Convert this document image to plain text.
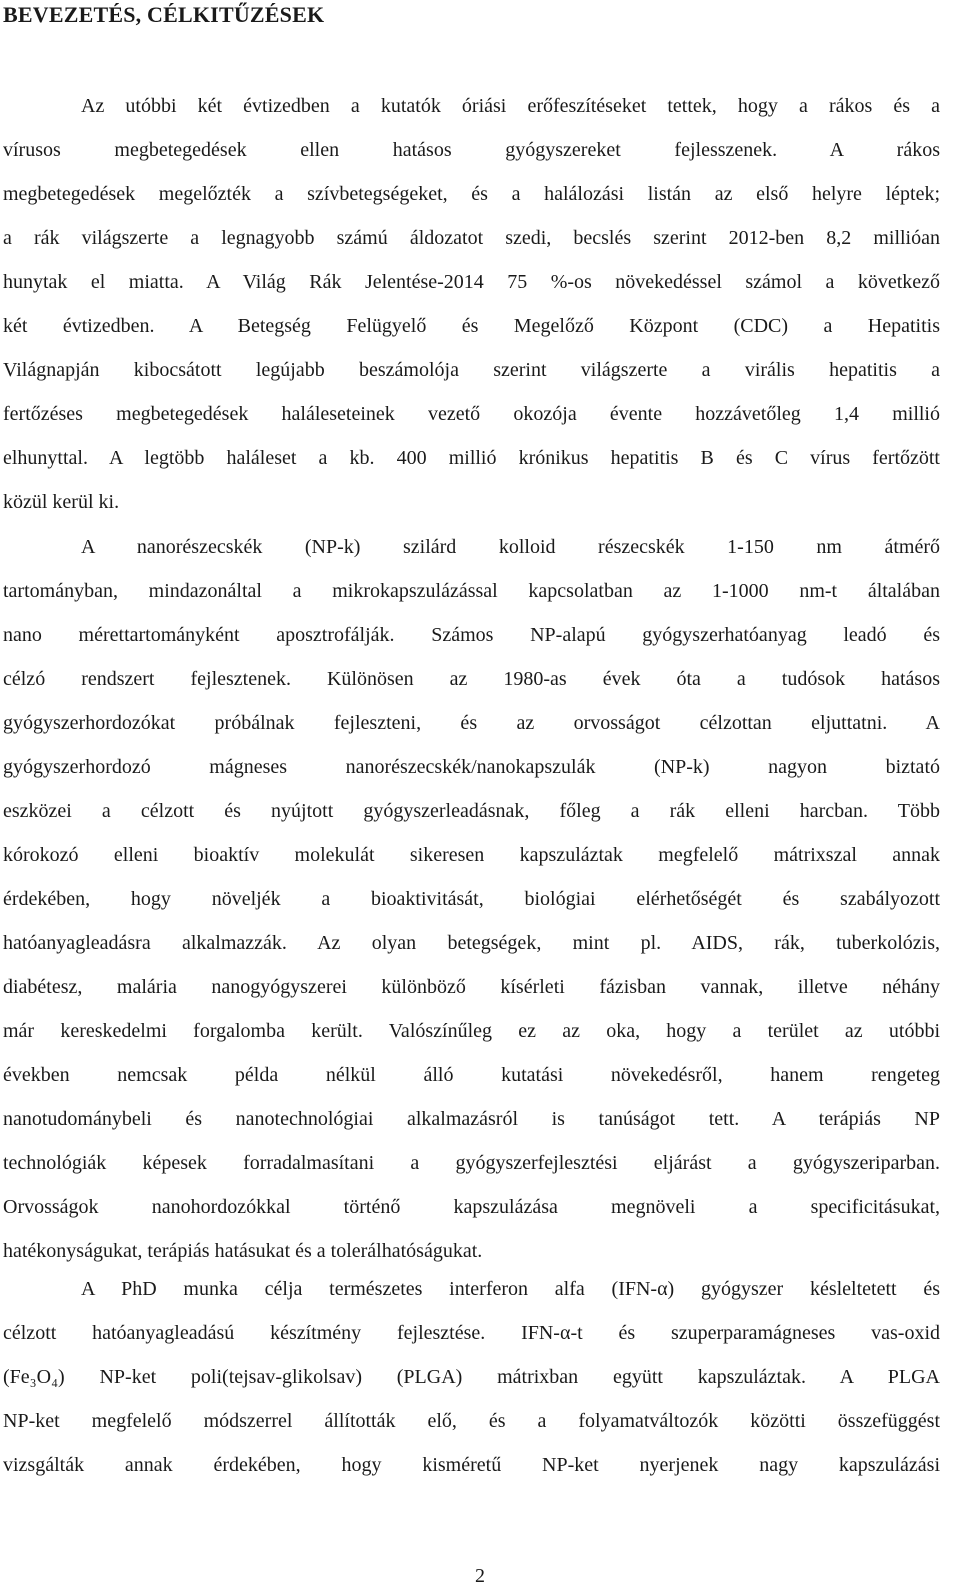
BEVEZETÉS, CÉLKITŰZÉSEK
Az utóbbi két évtizedben a kutatók óriási erőfeszítéseket tettek, hogy a rákos és a
vírusos megbetegedések ellen hatásos gyógyszereket fejlesszenek. A rákos
megbetegedések megelőzték a szívbetegségeket, és a halálozási listán az első helyre léptek;
a rák világszerte a legnagyobb számú áldozatot szedi, becslés szerint 2012-ben 8,2 millióan
hunytak el miatta. A Világ Rák Jelentése-2014 75 %-os növekedéssel számol a következő
két évtizedben. A Betegség Felügyelő és Megelőző Központ (CDC) a Hepatitis
Világnapján kibocsátott legújabb beszámolója szerint világszerte a virális hepatitis a
fertőzéses megbetegedések haláleseteinek vezető okozója évente hozzávetőleg 1,4 millió
elhunyttal. A legtöbb haláleset a kb. 400 millió krónikus hepatitis B és C vírus fertőzött
közül kerül ki.
A nanorészecskék (NP-k) szilárd kolloid részecskék 1-150 nm átmérő
tartományban, mindazonáltal a mikrokapszulázással kapcsolatban az 1-1000 nm-t általában
nano mérettartományként aposztrofálják. Számos NP-alapú gyógyszerhatóanyag leadó és
célzó rendszert fejlesztenek. Különösen az 1980-as évek óta a tudósok hatásos
gyógyszerhordozókat próbálnak fejleszteni, és az orvosságot célzottan eljuttatni. A
gyógyszerhordozó mágneses nanorészecskék/nanokapszulák (NP-k) nagyon biztató
eszközei a célzott és nyújtott gyógyszerleadásnak, főleg a rák elleni harcban. Több
kórokozó elleni bioaktív molekulát sikeresen kapszuláztak megfelelő mátrixszal annak
érdekében, hogy növeljék a bioaktivitását, biológiai elérhetőségét és szabályozott
hatóanyagleadásra alkalmazzák. Az olyan betegségek, mint pl. AIDS, rák, tuberkolózis,
diabétesz, malária nanogyógyszerei különböző kísérleti fázisban vannak, illetve néhány
már kereskedelmi forgalomba került. Valószínűleg ez az oka, hogy a terület az utóbbi
években nemcsak példa nélkül álló kutatási növekedésről, hanem rengeteg
nanotudománybeli és nanotechnológiai alkalmazásról is tanúságot tett. A terápiás NP
technológiák képesek forradalmasítani a gyógyszerfejlesztési eljárást a gyógyszeriparban.
Orvosságok nanohordozókkal történő kapszulázása megnöveli a specificitásukat,
hatékonyságukat, terápiás hatásukat és a tolerálhatóságukat.
A PhD munka célja természetes interferon alfa (IFN-α) gyógyszer késleltetett és
célzott hatóanyagleadású készítmény fejlesztése. IFN-α-t és szuperparamágneses vas-oxid
(Fe₃O₄) NP-ket poli(tejsav-glikolsav) (PLGA) mátrixban együtt kapszuláztak. A PLGA
NP-ket megfelelő módszerrel állították elő, és a folyamatváltozók közötti összefüggést
vizsgálták annak érdekében, hogy kisméretű NP-ket nyerjenek nagy kapszulázási
2
